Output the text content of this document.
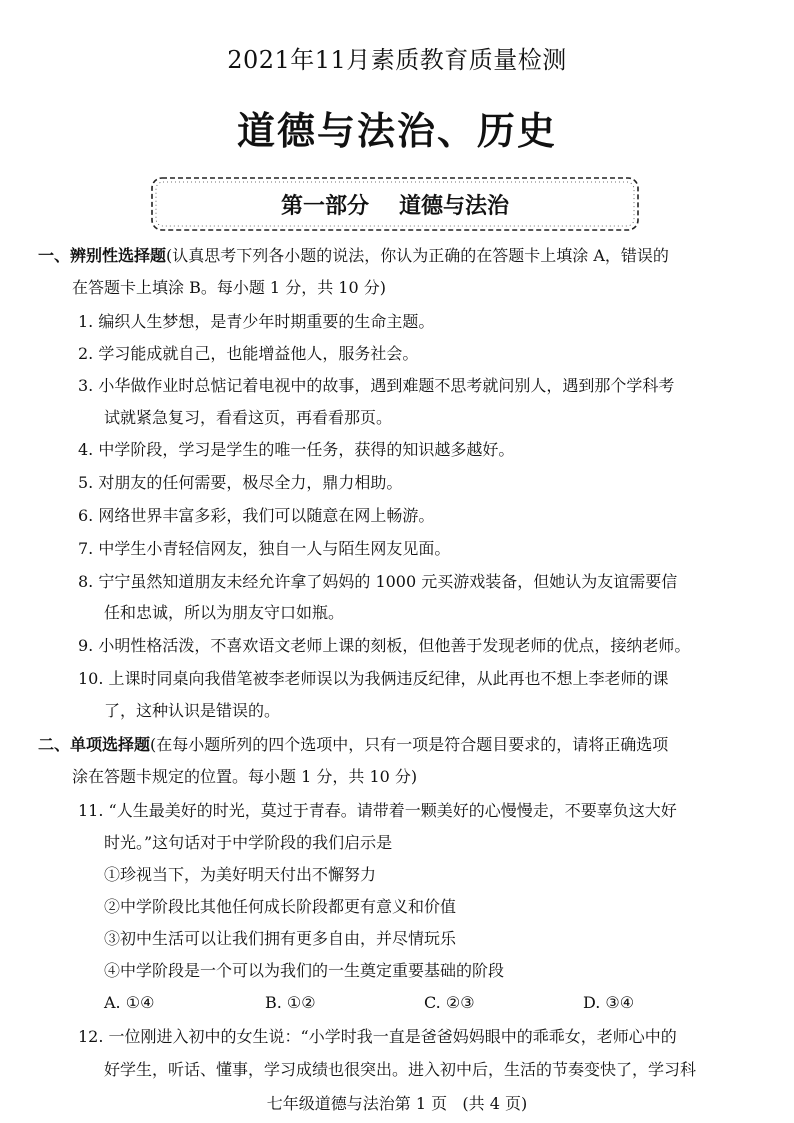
2021年11月素质教育质量检测
道德与法治、历史
第一部分 道德与法治
一、辨别性选择题(认真思考下列各小题的说法，你认为正确的在答题卡上填涂 A，错误的
在答题卡上填涂 B。每小题 1 分，共 10 分)
1. 编织人生梦想，是青少年时期重要的生命主题。
2. 学习能成就自己，也能增益他人，服务社会。
3. 小华做作业时总惦记着电视中的故事，遇到难题不思考就问别人，遇到那个学科考
试就紧急复习，看看这页，再看看那页。
4. 中学阶段，学习是学生的唯一任务，获得的知识越多越好。
5. 对朋友的任何需要，极尽全力，鼎力相助。
6. 网络世界丰富多彩，我们可以随意在网上畅游。
7. 中学生小青轻信网友，独自一人与陌生网友见面。
8. 宁宁虽然知道朋友未经允许拿了妈妈的 1000 元买游戏装备，但她认为友谊需要信
任和忠诚，所以为朋友守口如瓶。
9. 小明性格活泼，不喜欢语文老师上课的刻板，但他善于发现老师的优点，接纳老师。
10. 上课时同桌向我借笔被李老师误以为我俩违反纪律，从此再也不想上李老师的课
了，这种认识是错误的。
二、单项选择题(在每小题所列的四个选项中，只有一项是符合题目要求的，请将正确选项
涂在答题卡规定的位置。每小题 1 分，共 10 分)
11. “人生最美好的时光，莫过于青春。请带着一颗美好的心慢慢走，不要辜负这大好
时光。”这句话对于中学阶段的我们启示是
①珍视当下，为美好明天付出不懈努力
②中学阶段比其他任何成长阶段都更有意义和价值
③初中生活可以让我们拥有更多自由，并尽情玩乐
④中学阶段是一个可以为我们的一生奠定重要基础的阶段
A. ①④	B. ①②	C. ②③	D. ③④
12. 一位刚进入初中的女生说：“小学时我一直是爸爸妈妈眼中的乖乖女，老师心中的
好学生，听话、懂事，学习成绩也很突出。进入初中后，生活的节奏变快了，学习科
七年级道德与法治第 1 页 (共 4 页)
